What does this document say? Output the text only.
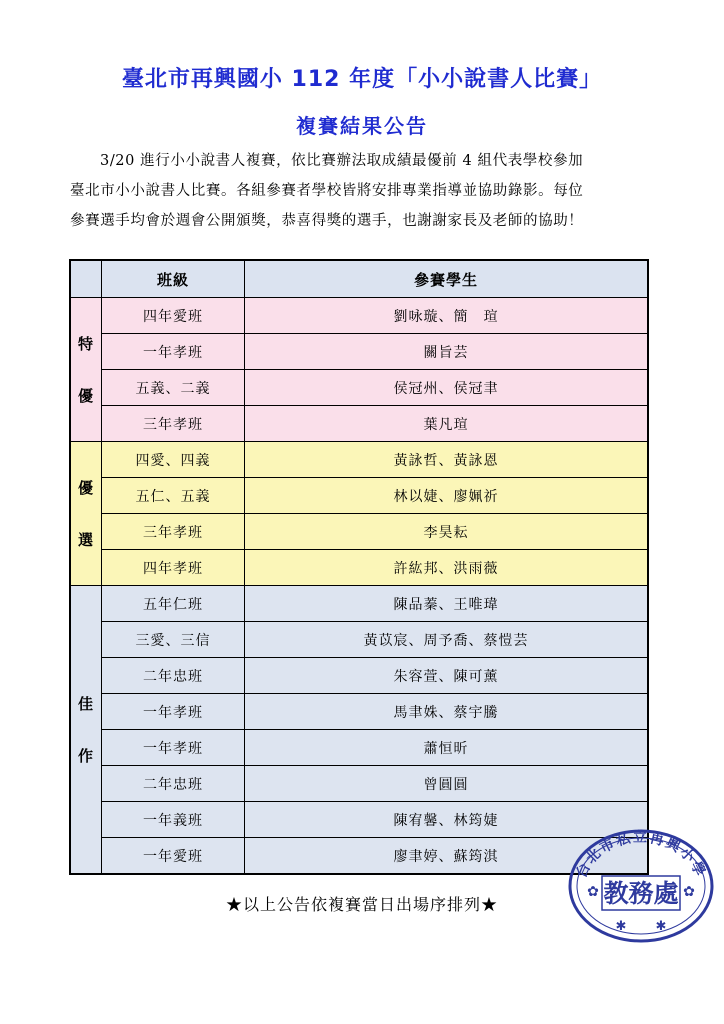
臺北市再興國小 112 年度「小小說書人比賽」
複賽結果公告

3/20 進行小小說書人複賽，依比賽辦法取成績最優前 4 組代表學校參加

臺北市小小說書人比賽。各組參賽者學校皆將安排專業指導並協助錄影。每位

參賽選手均會於週會公開頒獎，恭喜得獎的選手，也謝謝家長及老師的協助！

	班級	參賽學生

特
優	四年愛班	劉咏璇、簡　瑄
	一年孝班	關旨芸
	五義、二義	侯冠州、侯冠聿
	三年孝班	葉凡瑄

優
選	四愛、四義	黃詠哲、黃詠恩
	五仁、五義	林以婕、廖姵祈
	三年孝班	李昊耘
	四年孝班	許紘邦、洪雨薇

佳
作	五年仁班	陳品蓁、王唯瑋
	三愛、三信	黃苡宸、周予喬、蔡愷芸
	二年忠班	朱容萱、陳可薰
	一年孝班	馬聿姝、蔡宇騰
	一年孝班	蕭恒昕
	二年忠班	曾圓圓
	一年義班	陳宥馨、林筠婕
	一年愛班	廖聿婷、蘇筠淇
★以上公告依複賽當日出場序排列★
台北市私立再興小學
教務處
✿	✿
✱ ✱
